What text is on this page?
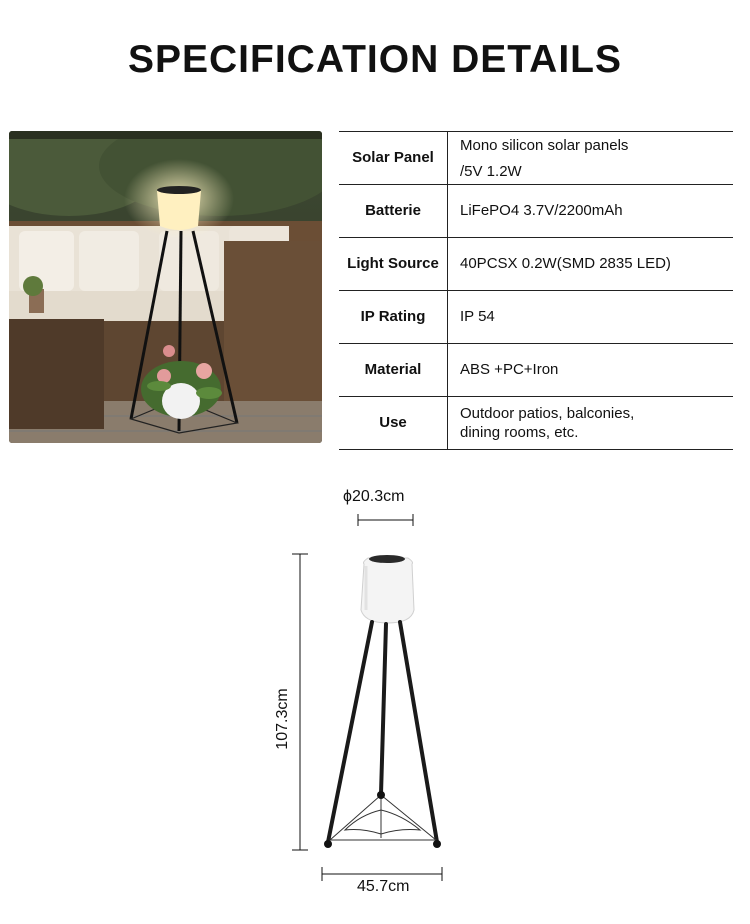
SPECIFICATION DETAILS
Solar Panel	Mono silicon solar panels
/5V 1.2W

Batterie	LiFePO4 3.7V/2200mAh

Light Source	40PCSX 0.2W(SMD 2835 LED)

IP Rating	IP 54

Material	ABS +PC+Iron

Use	Outdoor patios, balconies,
dining rooms, etc.
ϕ20.3cm
45.7cm
107.3cm
